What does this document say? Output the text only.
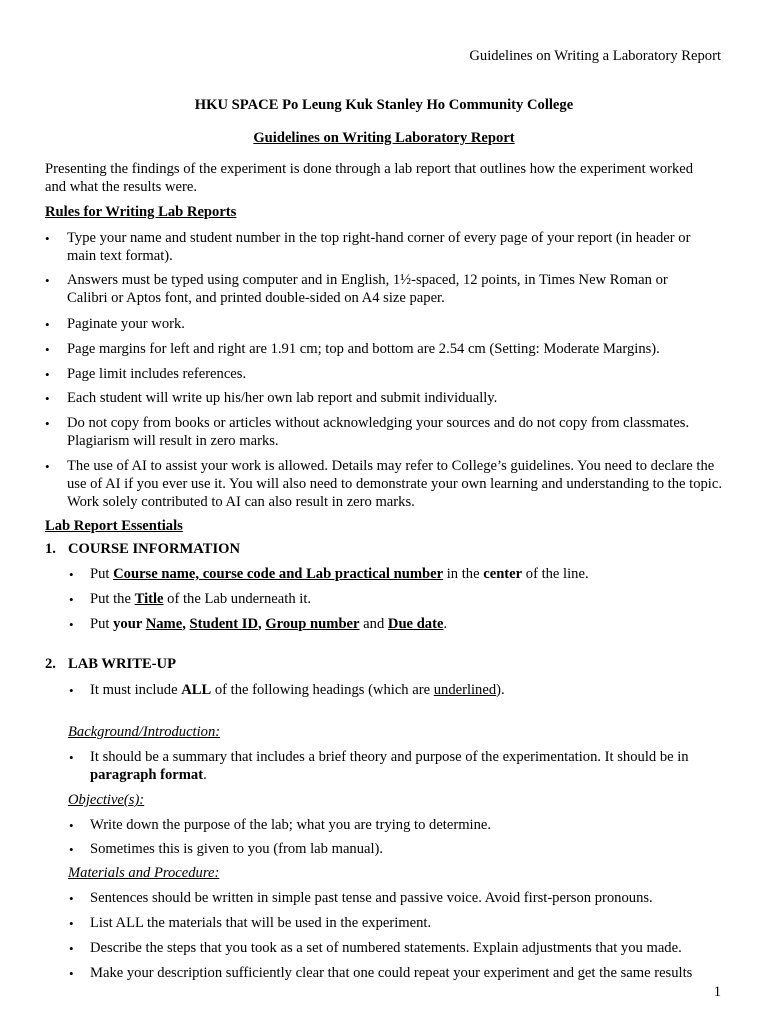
Guidelines on Writing a Laboratory Report
HKU SPACE Po Leung Kuk Stanley Ho Community College
Guidelines on Writing Laboratory Report
Presenting the findings of the experiment is done through a lab report that outlines how the experiment worked
and what the results were.
Rules for Writing Lab Reports
• Type your name and student number in the top right-hand corner of every page of your report (in header or
main text format).
• Answers must be typed using computer and in English, 1½-spaced, 12 points, in Times New Roman or
Calibri or Aptos font, and printed double-sided on A4 size paper.
• Paginate your work.
• Page margins for left and right are 1.91 cm; top and bottom are 2.54 cm (Setting: Moderate Margins).
• Page limit includes references.
• Each student will write up his/her own lab report and submit individually.
• Do not copy from books or articles without acknowledging your sources and do not copy from classmates.
Plagiarism will result in zero marks.
• The use of AI to assist your work is allowed. Details may refer to College’s guidelines. You need to declare the
use of AI if you ever use it. You will also need to demonstrate your own learning and understanding to the topic.
Work solely contributed to AI can also result in zero marks.
Lab Report Essentials
1. COURSE INFORMATION
• Put Course name, course code and Lab practical number in the center of the line.
• Put the Title of the Lab underneath it.
• Put your Name, Student ID, Group number and Due date.
2. LAB WRITE-UP
• It must include ALL of the following headings (which are underlined).
Background/Introduction:
• It should be a summary that includes a brief theory and purpose of the experimentation. It should be in
paragraph format.
Objective(s):
• Write down the purpose of the lab; what you are trying to determine.
• Sometimes this is given to you (from lab manual).
Materials and Procedure:
• Sentences should be written in simple past tense and passive voice. Avoid first-person pronouns.
• List ALL the materials that will be used in the experiment.
• Describe the steps that you took as a set of numbered statements. Explain adjustments that you made.
• Make your description sufficiently clear that one could repeat your experiment and get the same results
1
